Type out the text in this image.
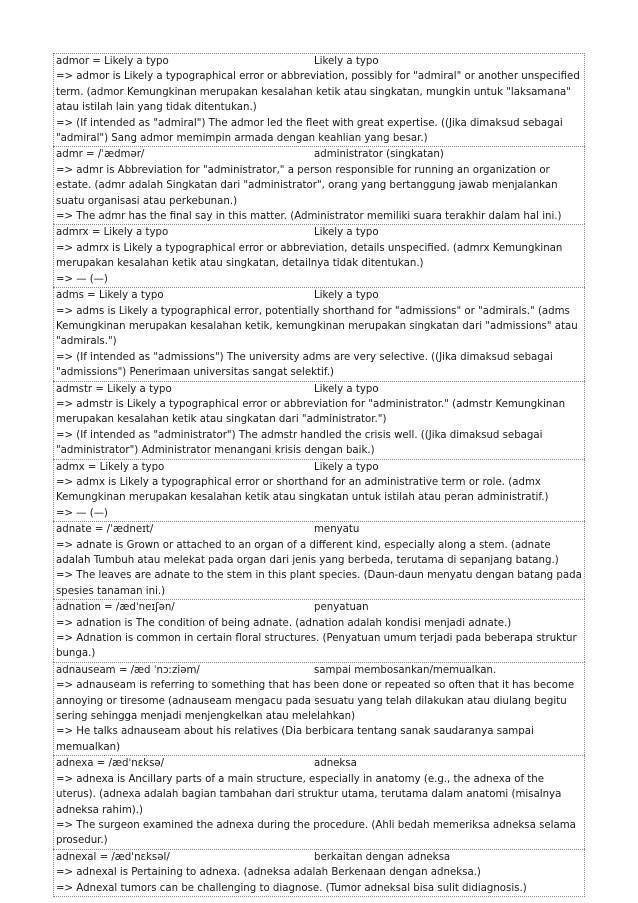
admor = Likely a typo	Likely a typo
=> admor is Likely a typographical error or abbreviation, possibly for "admiral" or another unspecified term. (admor Kemungkinan merupakan kesalahan ketik atau singkatan, mungkin untuk "laksamana" atau istilah lain yang tidak ditentukan.)
=> (If intended as "admiral") The admor led the fleet with great expertise. ((Jika dimaksud sebagai "admiral") Sang admor memimpin armada dengan keahlian yang besar.)
admr = /ˈædmər/	administrator (singkatan)
=> admr is Abbreviation for "administrator," a person responsible for running an organization or estate. (admr adalah Singkatan dari "administrator", orang yang bertanggung jawab menjalankan suatu organisasi atau perkebunan.)
=> The admr has the final say in this matter. (Administrator memiliki suara terakhir dalam hal ini.)
admrx = Likely a typo	Likely a typo
=> admrx is Likely a typographical error or abbreviation, details unspecified. (admrx Kemungkinan merupakan kesalahan ketik atau singkatan, detailnya tidak ditentukan.)
=> — (—)
adms = Likely a typo	Likely a typo
=> adms is Likely a typographical error, potentially shorthand for "admissions" or "admirals." (adms Kemungkinan merupakan kesalahan ketik, kemungkinan merupakan singkatan dari "admissions" atau "admirals.")
=> (If intended as "admissions") The university adms are very selective. ((Jika dimaksud sebagai "admissions") Penerimaan universitas sangat selektif.)
admstr = Likely a typo	Likely a typo
=> admstr is Likely a typographical error or abbreviation for "administrator." (admstr Kemungkinan merupakan kesalahan ketik atau singkatan dari "administrator.")
=> (If intended as "administrator") The admstr handled the crisis well. ((Jika dimaksud sebagai "administrator") Administrator menangani krisis dengan baik.)
admx = Likely a typo	Likely a typo
=> admx is Likely a typographical error or shorthand for an administrative term or role. (admx Kemungkinan merupakan kesalahan ketik atau singkatan untuk istilah atau peran administratif.)
=> — (—)
adnate = /ˈædneɪt/	menyatu
=> adnate is Grown or attached to an organ of a different kind, especially along a stem. (adnate adalah Tumbuh atau melekat pada organ dari jenis yang berbeda, terutama di sepanjang batang.)
=> The leaves are adnate to the stem in this plant species. (Daun-daun menyatu dengan batang pada spesies tanaman ini.)
adnation = /ædˈneɪʃən/	penyatuan
=> adnation is The condition of being adnate. (adnation adalah kondisi menjadi adnate.)
=> Adnation is common in certain floral structures. (Penyatuan umum terjadi pada beberapa struktur bunga.)
adnauseam = /æd ˈnɔːziəm/	sampai membosankan/memualkan.
=> adnauseam is referring to something that has been done or repeated so often that it has become annoying or tiresome (adnauseam mengacu pada sesuatu yang telah dilakukan atau diulang begitu sering sehingga menjadi menjengkelkan atau melelahkan)
=> He talks adnauseam about his relatives (Dia berbicara tentang sanak saudaranya sampai memualkan)
adnexa = /ædˈnɛksə/	adneksa
=> adnexa is Ancillary parts of a main structure, especially in anatomy (e.g., the adnexa of the uterus). (adnexa adalah bagian tambahan dari struktur utama, terutama dalam anatomi (misalnya adneksa rahim).)
=> The surgeon examined the adnexa during the procedure. (Ahli bedah memeriksa adneksa selama prosedur.)
adnexal = /ædˈnɛksəl/	berkaitan dengan adneksa
=> adnexal is Pertaining to adnexa. (adneksa adalah Berkenaan dengan adneksa.)
=> Adnexal tumors can be challenging to diagnose. (Tumor adneksal bisa sulit didiagnosis.)
